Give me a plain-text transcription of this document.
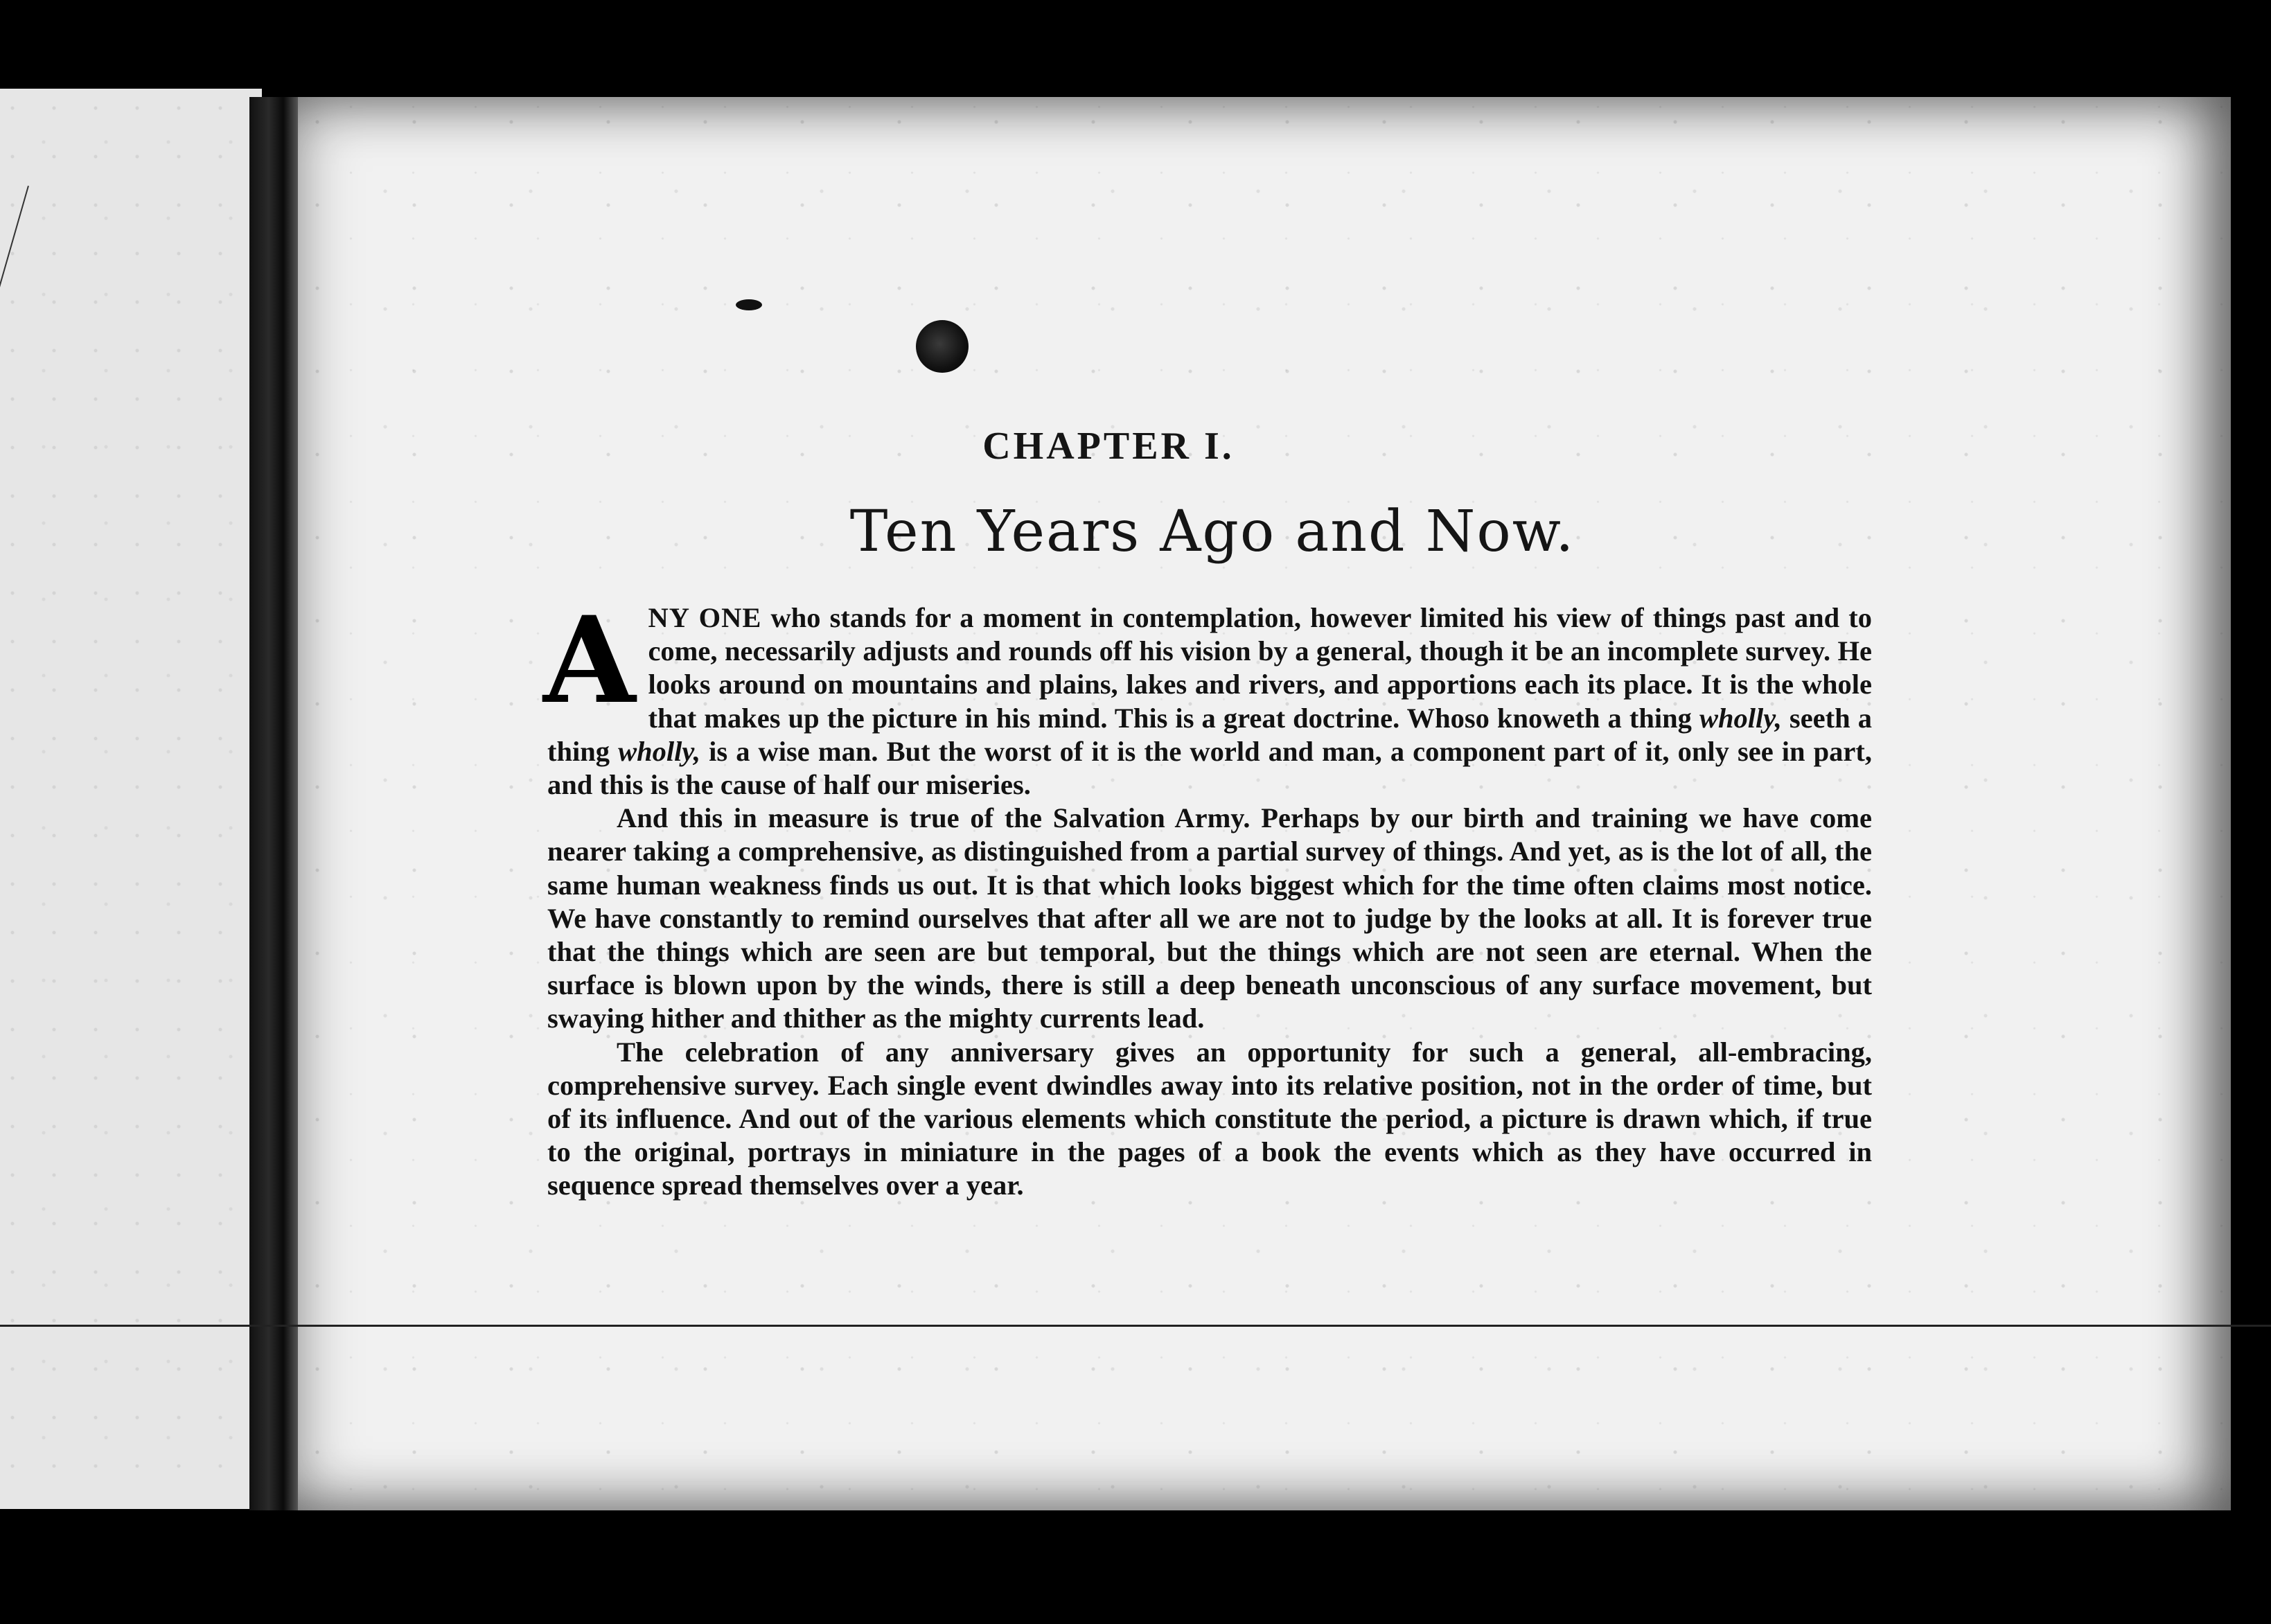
CHAPTER I.
Ten Years Ago and Now.

ANY ONE who stands for a moment in contemplation, however limited his view of things past and to come, necessarily adjusts and rounds off his vision by a general, though it be an incomplete survey. He looks around on mountains and plains, lakes and rivers, and apportions each its place. It is the whole that makes up the picture in his mind. This is a great doctrine. Whoso knoweth a thing wholly, seeth a thing wholly, is a wise man. But the worst of it is the world and man, a component part of it, only see in part, and this is the cause of half our miseries.

And this in measure is true of the Salvation Army. Perhaps by our birth and training we have come nearer taking a comprehensive, as distinguished from a partial survey of things. And yet, as is the lot of all, the same human weakness finds us out. It is that which looks biggest which for the time often claims most notice. We have constantly to remind ourselves that after all we are not to judge by the looks at all. It is forever true that the things which are seen are but temporal, but the things which are not seen are eternal. When the surface is blown upon by the winds, there is still a deep beneath unconscious of any surface movement, but swaying hither and thither as the mighty currents lead.

The celebration of any anniversary gives an opportunity for such a general, all-embracing, comprehensive survey. Each single event dwindles away into its relative position, not in the order of time, but of its influence. And out of the various elements which constitute the period, a picture is drawn which, if true to the original, portrays in miniature in the pages of a book the events which as they have occurred in sequence spread themselves over a year.
